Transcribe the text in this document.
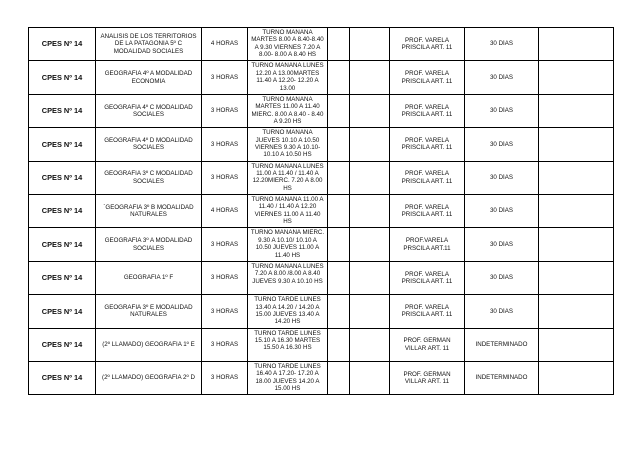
CPES Nº 14	ANALISIS DE LOS TERRITORIOS DE LA PATAGONIA 5º C MODALIDAD SOCIALES	4 HORAS	TURNO MAÑANA MARTES 8.00 A 8.40-8.40 A 9.30 VIERNES 7.20 A 8.00- 8.00 A 8.40 HS			PROF. VARELA PRISCILA ART. 11	30 DÍAS	

CPES Nº 14	GEOGRAFIA 4º A MODALIDAD ECONOMIA	3 HORAS	TURNO MAÑANA LUNES 12.20 A 13.00MARTES 11.40 A 12.20- 12.20 A 13.00			PROF. VARELA PRISCILA ART. 11	30 DÍAS	

CPES Nº 14	GEOGRAFIA 4º C MODALIDAD SOCIALES	3 HORAS	TURNO MAÑANA MARTES 11.00 A 11.40 MIERC. 8.00 A 8.40 - 8.40 A 9.20 HS			PROF. VARELA PRISCILA ART. 11	30 DÍAS	

CPES Nº 14	GEOGRAFIA 4º D MODALIDAD SOCIALES	3 HORAS	TURNO MAÑANA JUEVES 10.10 A 10.50 VIERNES 9.30 A 10.10-10.10 A 10.50 HS			PROF. VARELA PRISCILA ART. 11	30 DÍAS	

CPES Nº 14	GEOGRAFIA 3º C MODALIDAD SOCIALES	3 HORAS	TURNO MAÑANA LUNES 11.00 A 11.40 / 11.40 A 12.20MIERC. 7.20 A 8.00 HS			PROF. VARELA PRISCILA ART. 11	30 DÍAS	

CPES Nº 14	´GEOGRAFIA 3º B MODALIDAD NATURALES	4 HORAS	TURNO MAÑANA 11.00 A 11.40 / 11.40 A 12.20 VIERNES 11.00 A 11.40 HS			PROF. VARELA PRISCILA ART. 11	30 DÍAS	

CPES Nº 14	GEOGRAFIA 3º A MODALIDAD SOCIALES	3 HORAS	TURNO MAÑANA MIERC. 9.30 A 10.10/ 10.10 A 10.50 JUEVES 11.00 A 11.40 HS			PROF.VARELA PRSCILA ART.11	30 DÍAS	

CPES Nº 14	GEOGRAFIA 1º F	3 HORAS	TURNO MAÑANA LUNES 7.20 A 8.00 /8.00 A 8.40 JUEVES 9.30 A 10.10 HS			PROF. VARELA PRISCILA ART. 11	30 DÍAS	

CPES Nº 14	GEOGRAFIA 3º E MODALIDAD NATURALES	3 HORAS	TURNO TARDE LUNES 13.40 A 14.20 / 14.20 A 15.00 JUEVES 13.40 A 14.20 HS			PROF. VARELA PRISCILA ART. 11	30 DÍAS	

CPES Nº 14	(2º LLAMADO) GEOGRAFIA 1º E	3 HORAS	TURNO TARDE LUNES 15.10 A 16.30 MARTES 15.50 A 16.30 HS			PROF. GERMAN VILLAR ART. 11	INDETERMINADO	

CPES Nº 14	(2º LLAMADO) GEOGRAFIA 2º D	3 HORAS	TURNO TARDE LUNES 16.40 A 17.20- 17.20 A 18.00 JUEVES 14.20 A 15.00 HS			PROF. GERMAN VILLAR ART. 11	INDETERMINADO	
